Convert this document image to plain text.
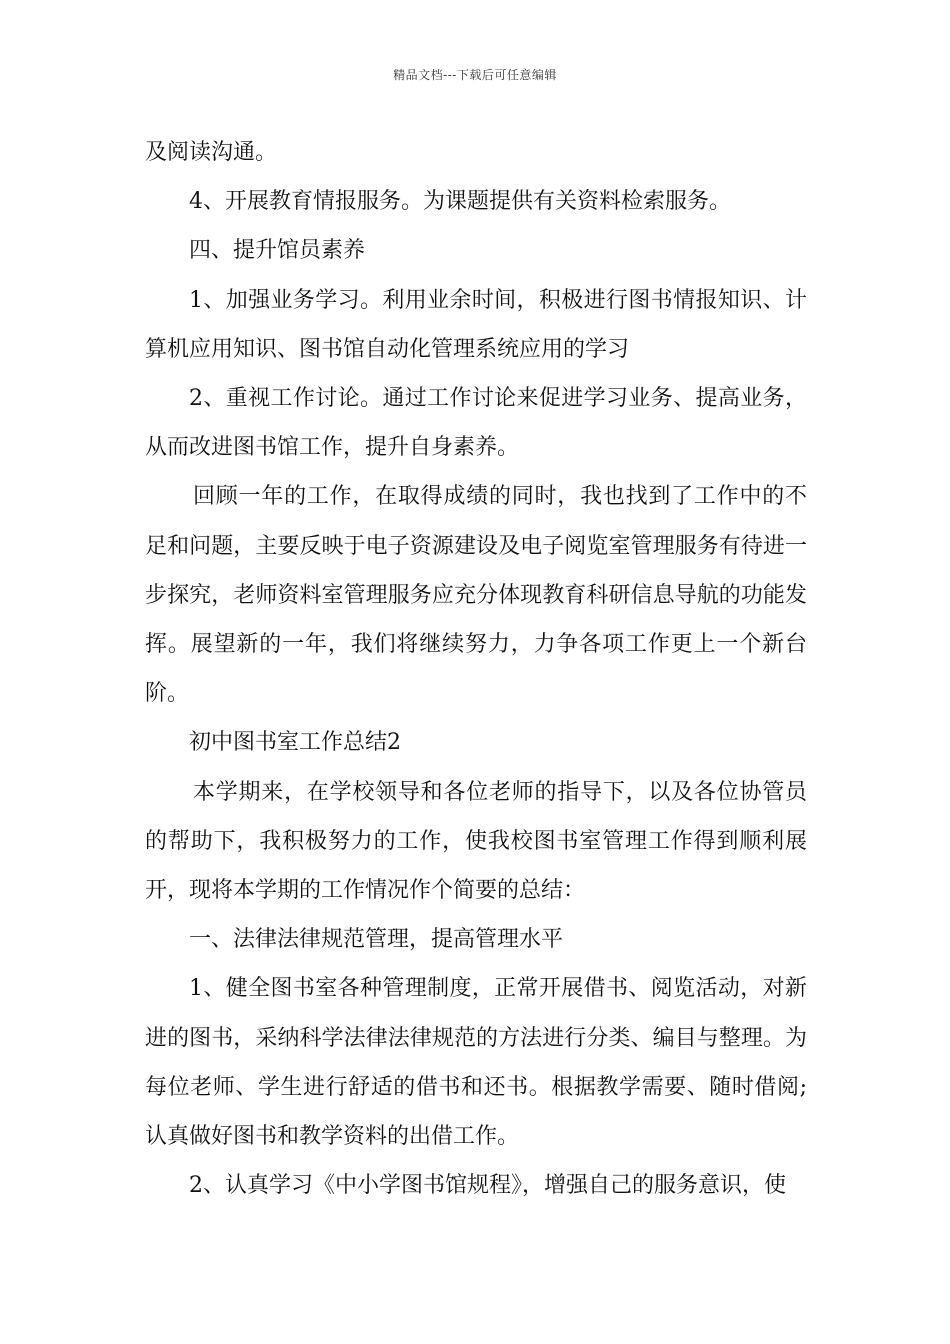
精品文档---下载后可任意编辑

及阅读沟通。

4、开展教育情报服务。为课题提供有关资料检索服务。

四、提升馆员素养

1、加强业务学习。利用业余时间，积极进行图书情报知识、计算机应用知识、图书馆自动化管理系统应用的学习

2、重视工作讨论。通过工作讨论来促进学习业务、提高业务，从而改进图书馆工作，提升自身素养。

回顾一年的工作，在取得成绩的同时，我也找到了工作中的不足和问题，主要反映于电子资源建设及电子阅览室管理服务有待进一步探究，老师资料室管理服务应充分体现教育科研信息导航的功能发挥。展望新的一年，我们将继续努力，力争各项工作更上一个新台阶。

初中图书室工作总结2

本学期来，在学校领导和各位老师的指导下，以及各位协管员的帮助下，我积极努力的工作，使我校图书室管理工作得到顺利展开，现将本学期的工作情况作个简要的总结：

一、法律法律规范管理，提高管理水平

1、健全图书室各种管理制度，正常开展借书、阅览活动，对新进的图书，采纳科学法律法律规范的方法进行分类、编目与整理。为每位老师、学生进行舒适的借书和还书。根据教学需要、随时借阅;认真做好图书和教学资料的出借工作。

2、认真学习《中小学图书馆规程》，增强自己的服务意识，使
